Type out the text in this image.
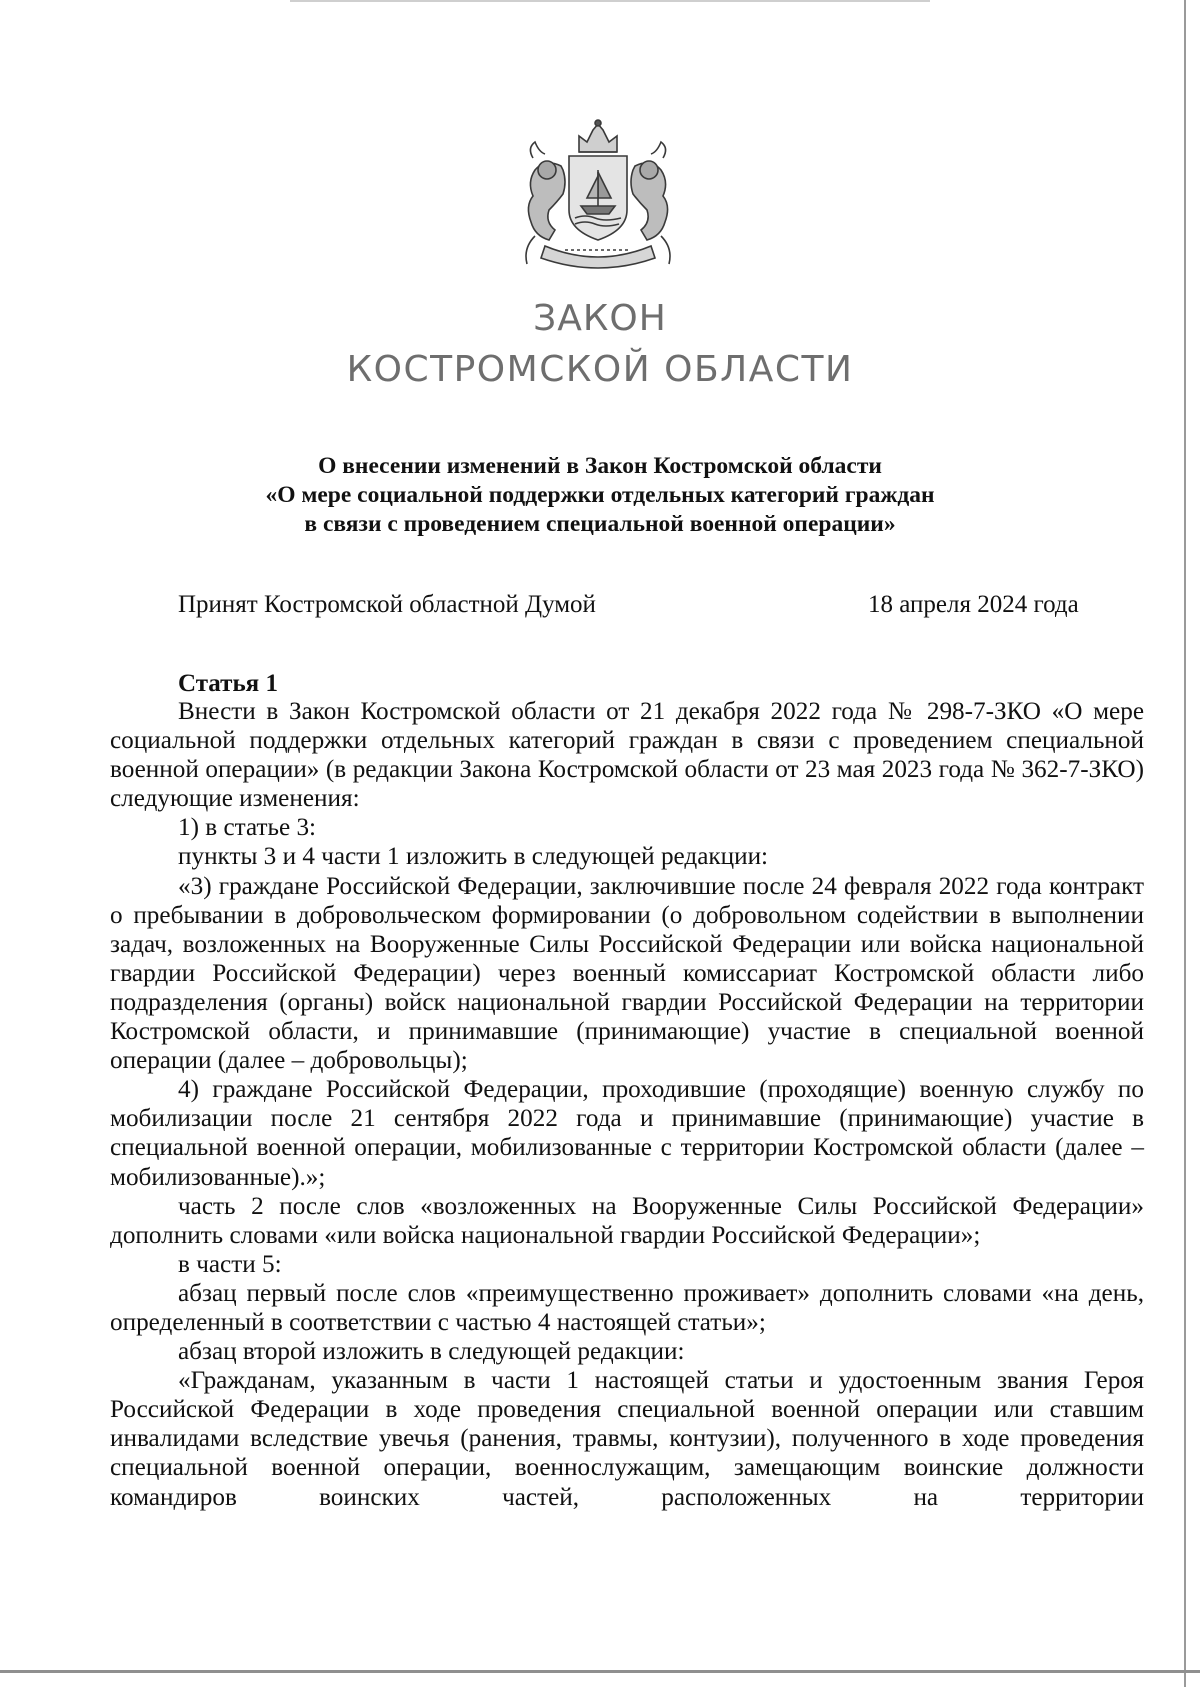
ЗАКОН
КОСТРОМСКОЙ ОБЛАСТИ
О внесении изменений в Закон Костромской области
«О мере социальной поддержки отдельных категорий граждан
в связи с проведением специальной военной операции»
Принят Костромской областной Думой	18 апреля 2024 года
Статья 1

Внести в Закон Костромской области от 21 декабря 2022 года № 298-7-ЗКО «О мере социальной поддержки отдельных категорий граждан в связи с проведением специальной военной операции» (в редакции Закона Костромской области от 23 мая 2023 года № 362-7-ЗКО) следующие изменения:

1) в статье 3:

пункты 3 и 4 части 1 изложить в следующей редакции:

«3) граждане Российской Федерации, заключившие после 24 февраля 2022 года контракт о пребывании в добровольческом формировании (о добровольном содействии в выполнении задач, возложенных на Вооруженные Силы Российской Федерации или войска национальной гвардии Российской Федерации) через военный комиссариат Костромской области либо подразделения (органы) войск национальной гвардии Российской Федерации на территории Костромской области, и принимавшие (принимающие) участие в специальной военной операции (далее – добровольцы);

4) граждане Российской Федерации, проходившие (проходящие) военную службу по мобилизации после 21 сентября 2022 года и принимавшие (принимающие) участие в специальной военной операции, мобилизованные с территории Костромской области (далее – мобилизованные).»;

часть 2 после слов «возложенных на Вооруженные Силы Российской Федерации» дополнить словами «или войска национальной гвардии Российской Федерации»;

в части 5:

абзац первый после слов «преимущественно проживает» дополнить словами «на день, определенный в соответствии с частью 4 настоящей статьи»;

абзац второй изложить в следующей редакции:

«Гражданам, указанным в части 1 настоящей статьи и удостоенным звания Героя Российской Федерации в ходе проведения специальной военной операции или ставшим инвалидами вследствие увечья (ранения, травмы, контузии), полученного в ходе проведения специальной военной операции, военнослужащим, замещающим воинские должности командиров воинских частей, расположенных на территории
